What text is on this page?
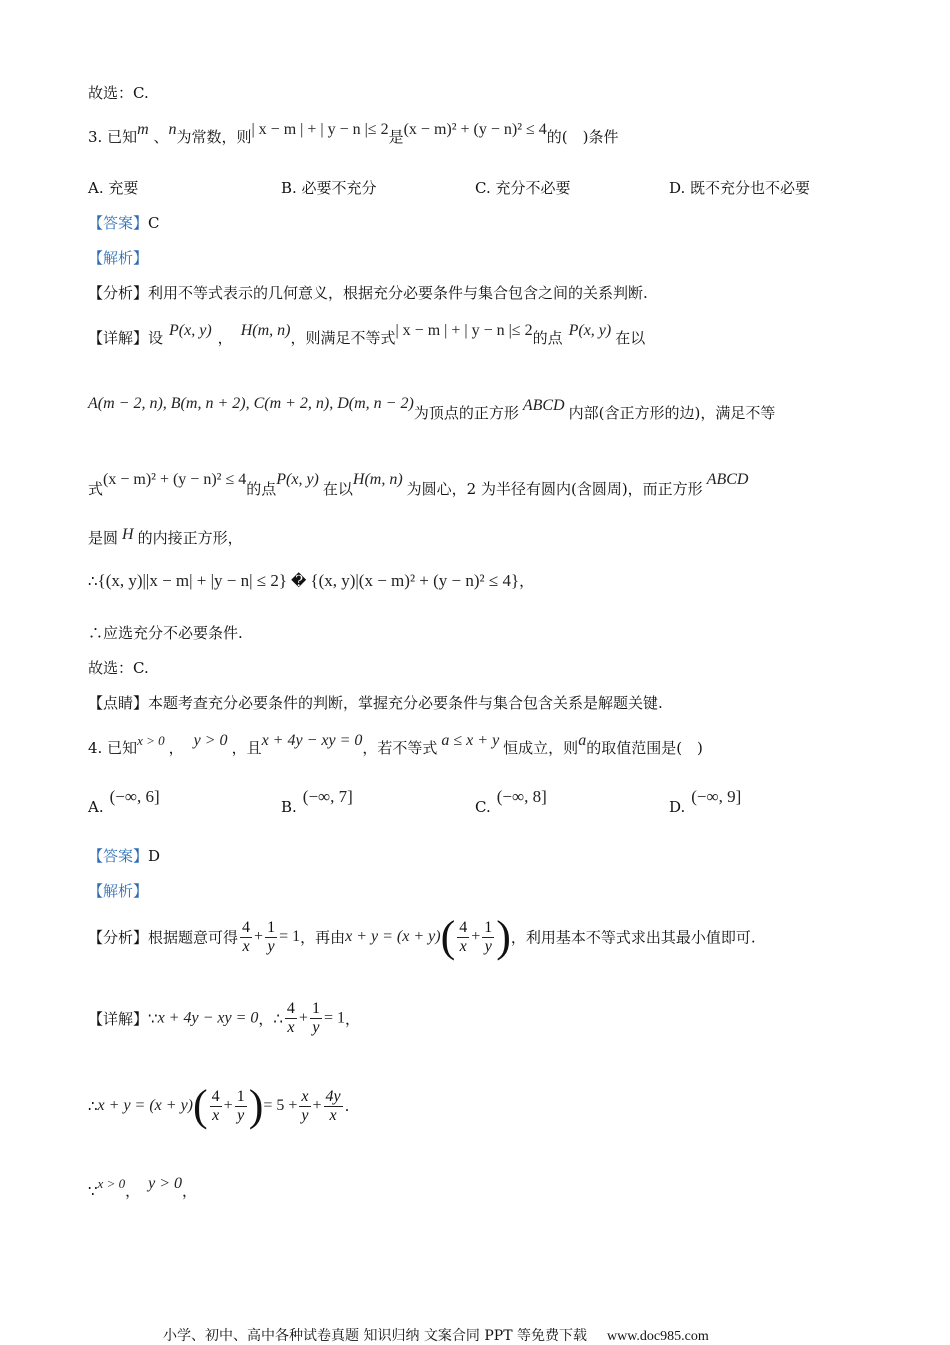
故选：C.
3. 已知m 、n为常数，则| x − m | + | y − n |≤ 2是(x − m)² + (y − n)² ≤ 4的(　)条件
A. 充要	B. 必要不充分	C. 充分不必要	D. 既不充分也不必要
【答案】C
【解析】
【分析】利用不等式表示的几何意义，根据充分必要条件与集合包含之间的关系判断.
【详解】设 P(x, y) ， H(m, n)，则满足不等式| x − m | + | y − n |≤ 2的点 P(x, y) 在以
A(m − 2, n), B(m, n + 2), C(m + 2, n), D(m, n − 2)为顶点的正方形 ABCD 内部(含正方形的边)，满足不等
式(x − m)² + (y − n)² ≤ 4的点P(x, y)在以H(m, n)为圆心，2 为半径有圆内(含圆周)，而正方形ABCD
是圆 H 的内接正方形，
∴{(x, y)||x − m| + |y − n| ≤ 2} � {(x, y)|(x − m)² + (y − n)² ≤ 4}，
∴应选充分不必要条件.
故选：C.
【点睛】本题考查充分必要条件的判断，掌握充分必要条件与集合包含关系是解题关键.
4. 已知x > 0 ， y > 0 ，且x + 4y − xy = 0，若不等式 a ≤ x + y 恒成立，则a的取值范围是(　)
A.(−∞, 6]
B.(−∞, 7]
C.(−∞, 8]
D.(−∞, 9]
【答案】D
【解析】
【分析】根据题意可得 $\frac{4}{x} + \frac{1}{y} = 1$，再由$x + y = (x + y)( \frac{4}{x} + \frac{1}{y}$ )，利用基本不等式求出其最小值即可.
【详解】∵x + 4y − xy = 0，∴ $\frac{4}{x} + \frac{1}{y} = 1$，
∴x + $y = (x + y)( \frac{4}{x} + \frac{1}{y}$ )= $5 + \frac{x}{y} + \frac{4y}{x}$ .
∵x > 0， y > 0，
小学、初中、高中各种试卷真题 知识归纳 文案合同 PPT 等免费下载 www.doc985.com
